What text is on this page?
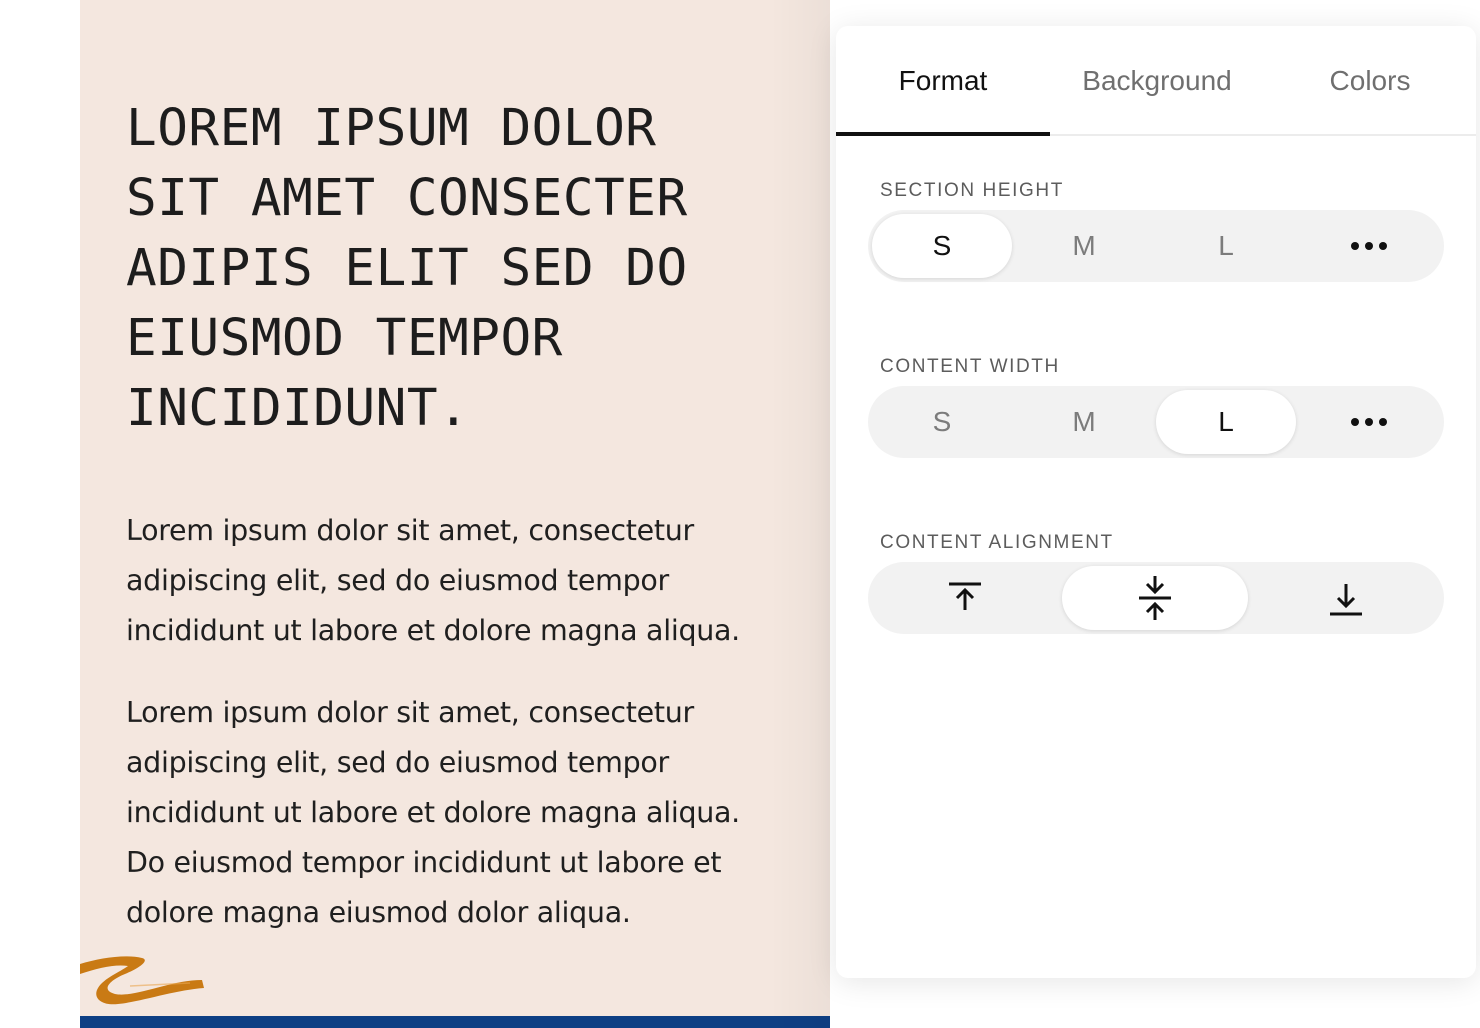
LOREM IPSUM DOLOR
SIT AMET CONSECTER
ADIPIS ELIT SED DO
EIUSMOD TEMPOR
INCIDIDUNT.
Lorem ipsum dolor sit amet, consectetur
adipiscing elit, sed do eiusmod tempor
incididunt ut labore et dolore magna aliqua.
Lorem ipsum dolor sit amet, consectetur
adipiscing elit, sed do eiusmod tempor
incididunt ut labore et dolore magna aliqua.
Do eiusmod tempor incididunt ut labore et
dolore magna eiusmod dolor aliqua.
Format	Background	Colors
SECTION HEIGHT
S	M	L
CONTENT WIDTH
S	M	L
CONTENT ALIGNMENT
